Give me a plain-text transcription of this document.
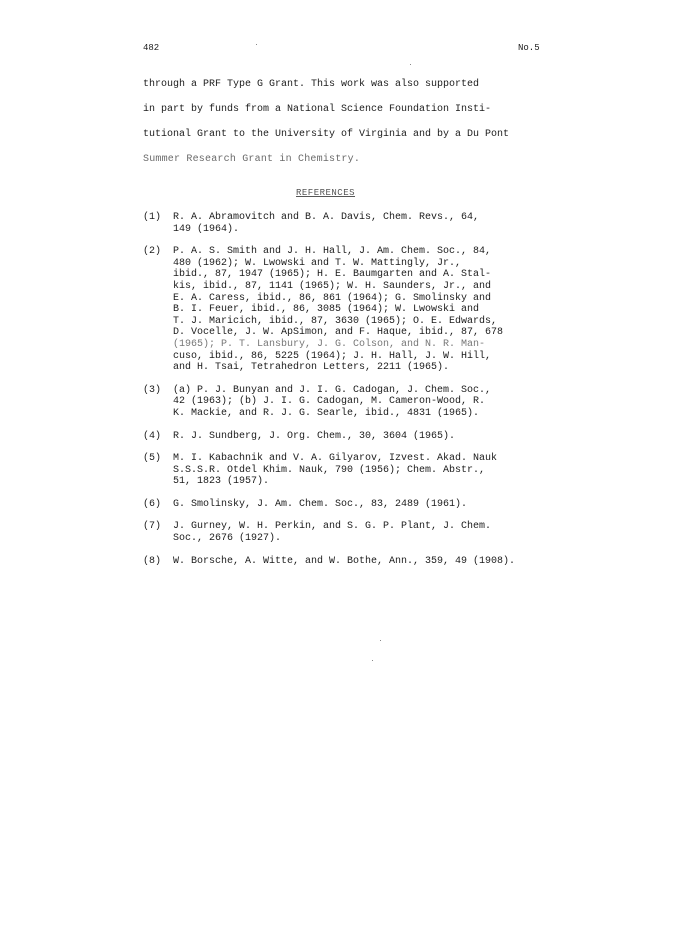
482	No.5
through a PRF Type G Grant. This work was also supported
in part by funds from a National Science Foundation Insti-
tutional Grant to the University of Virginia and by a Du Pont
Summer Research Grant in Chemistry.
REFERENCES
(1)	R. A. Abramovitch and B. A. Davis, Chem. Revs., 64,
149 (1964).
(2)	P. A. S. Smith and J. H. Hall, J. Am. Chem. Soc., 84,
480 (1962); W. Lwowski and T. W. Mattingly, Jr.,
ibid., 87, 1947 (1965); H. E. Baumgarten and A. Stal-
kis, ibid., 87, 1141 (1965); W. H. Saunders, Jr., and
E. A. Caress, ibid., 86, 861 (1964); G. Smolinsky and
B. I. Feuer, ibid., 86, 3085 (1964); W. Lwowski and
T. J. Maricich, ibid., 87, 3630 (1965); O. E. Edwards,
D. Vocelle, J. W. ApSimon, and F. Haque, ibid., 87, 678
(1965); P. T. Lansbury, J. G. Colson, and N. R. Man-
cuso, ibid., 86, 5225 (1964); J. H. Hall, J. W. Hill,
and H. Tsai, Tetrahedron Letters, 2211 (1965).
(3)	(a) P. J. Bunyan and J. I. G. Cadogan, J. Chem. Soc.,
42 (1963); (b) J. I. G. Cadogan, M. Cameron-Wood, R.
K. Mackie, and R. J. G. Searle, ibid., 4831 (1965).
(4)	R. J. Sundberg, J. Org. Chem., 30, 3604 (1965).
(5)	M. I. Kabachnik and V. A. Gilyarov, Izvest. Akad. Nauk
S.S.S.R. Otdel Khim. Nauk, 790 (1956); Chem. Abstr.,
51, 1823 (1957).
(6)	G. Smolinsky, J. Am. Chem. Soc., 83, 2489 (1961).
(7)	J. Gurney, W. H. Perkin, and S. G. P. Plant, J. Chem.
Soc., 2676 (1927).
(8)	W. Borsche, A. Witte, and W. Bothe, Ann., 359, 49 (1908).
